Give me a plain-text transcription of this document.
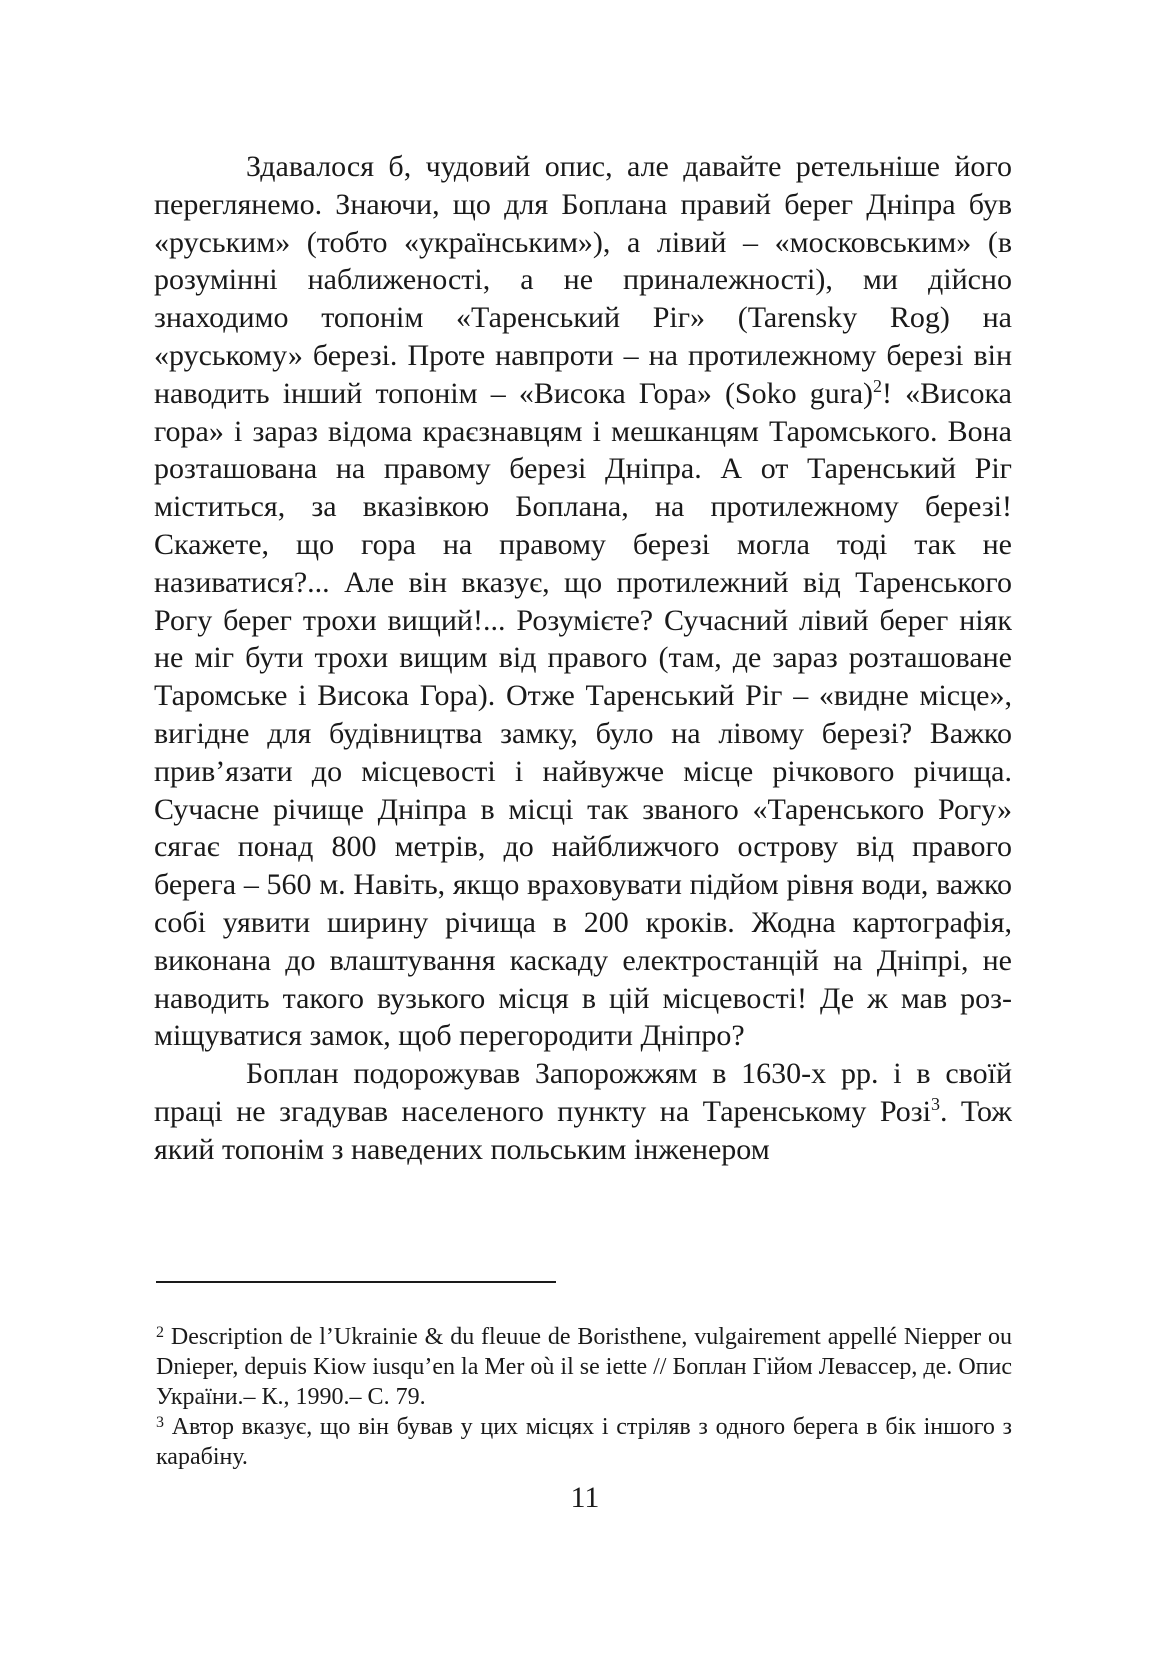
Здавалося б, чудовий опис, але давайте ретельніше його переглянемо. Знаючи, що для Боплана правий берег Дніпра був «руським» (тобто «українським»), а лівий – «московським» (в розумінні наближеності, а не приналежності), ми дійсно знаходимо топонім «Таренський Ріг» (Tarensky Rog) на «руському» березі. Проте навпроти – на протилежному березі він наводить інший топонім – «Висока Гора» (Soko gura)$^2$! «Висока гора» і зараз відома краєзнавцям і мешканцям Таромського. Вона розташована на правому березі Дніпра. А от Таренський Ріг міститься, за вказівкою Боплана, на протилежному березі! Скажете, що гора на правому березі могла тоді так не називатися?... Але він вказує, що протилежний від Таренського Рогу берег трохи вищий!... Розумієте? Сучасний лівий берег ніяк не міг бути трохи вищим від правого (там, де зараз розташоване Таромське і Висока Гора). Отже Таренський Ріг – «видне місце», вигідне для будівництва замку, було на лівому березі? Важко прив’язати до місцевості і найвужче місце річкового річища. Сучасне річище Дніпра в місці так званого «Таренського Рогу» сягає понад 800 метрів, до найближчого острову від правого берега – 560 м. Навіть, якщо враховувати підйом рівня води, важко собі уявити ширину річища в 200 кроків. Жодна картографія, виконана до влаштування каскаду електростанцій на Дніпрі, не наводить такого вузького місця в цій місцевості! Де ж мав розміщуватися замок, щоб перегородити Дніпро?

Боплан подорожував Запорожжям в 1630-х рр. і в своїй праці не згадував населеного пункту на Таренському Розі$^3$. Тож який топонім з наведених польським інженером

$^2$ Description de l’Ukrainie & du fleuue de Boristhene, vulgairement appellé Niepper ou Dnieper, depuis Kiow iusqu’en la Mer où il se iette // Боплан Гійом Левассер, де. Опис України.– К., 1990.– С. 79.

$^3$ Автор вказує, що він бував у цих місцях і стріляв з одного берега в бік іншого з карабіну.

11
